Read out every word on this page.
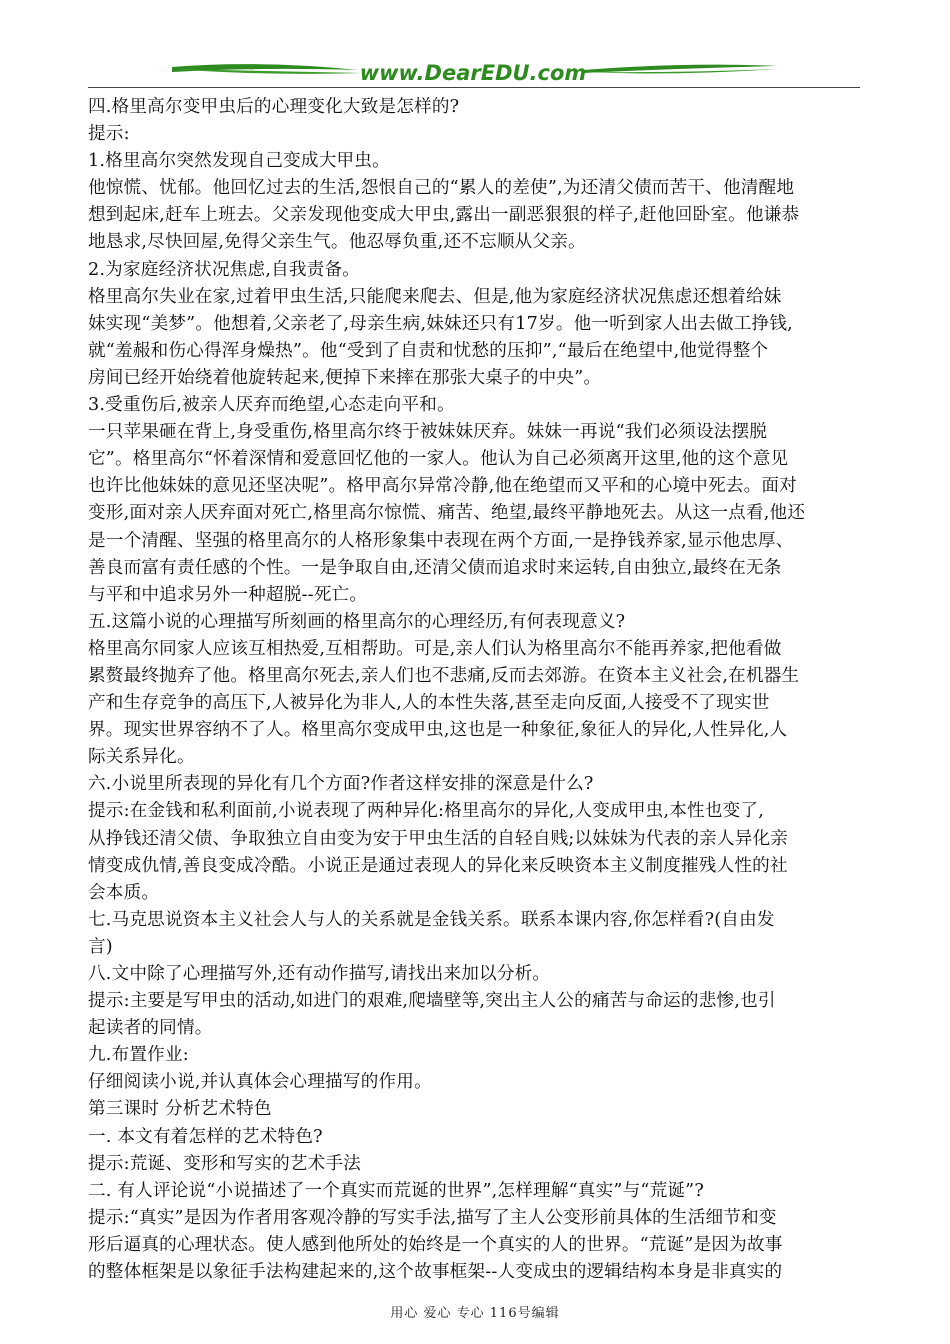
www.DearEDU.com
四.格里高尔变甲虫后的心理变化大致是怎样的?
提示:
1.格里高尔突然发现自己变成大甲虫。
他惊慌、忧郁。他回忆过去的生活,怨恨自己的“累人的差使”,为还清父债而苦干、他清醒地
想到起床,赶车上班去。父亲发现他变成大甲虫,露出一副恶狠狠的样子,赶他回卧室。他谦恭
地恳求,尽快回屋,免得父亲生气。他忍辱负重,还不忘顺从父亲。
2.为家庭经济状况焦虑,自我责备。
格里高尔失业在家,过着甲虫生活,只能爬来爬去、但是,他为家庭经济状况焦虑还想着给妹
妹实现“美梦”。他想着,父亲老了,母亲生病,妹妹还只有17岁。他一听到家人出去做工挣钱,
就“羞赧和伤心得浑身燥热”。他“受到了自责和忧愁的压抑”,“最后在绝望中,他觉得整个
房间已经开始绕着他旋转起来,便掉下来摔在那张大桌子的中央”。
3.受重伤后,被亲人厌弃而绝望,心态走向平和。
一只苹果砸在背上,身受重伤,格里高尔终于被妹妹厌弃。妹妹一再说“我们必须设法摆脱
它”。格里高尔“怀着深情和爱意回忆他的一家人。他认为自己必须离开这里,他的这个意见
也许比他妹妹的意见还坚决呢”。格甲高尔异常冷静,他在绝望而又平和的心境中死去。面对
变形,面对亲人厌弃面对死亡,格里高尔惊慌、痛苦、绝望,最终平静地死去。从这一点看,他还
是一个清醒、坚强的格里高尔的人格形象集中表现在两个方面,一是挣钱养家,显示他忠厚、
善良而富有责任感的个性。一是争取自由,还清父债而追求时来运转,自由独立,最终在无条
与平和中追求另外一种超脱--死亡。
五.这篇小说的心理描写所刻画的格里高尔的心理经历,有何表现意义?
格里高尔同家人应该互相热爱,互相帮助。可是,亲人们认为格里高尔不能再养家,把他看做
累赘最终抛弃了他。格里高尔死去,亲人们也不悲痛,反而去郊游。在资本主义社会,在机器生
产和生存竞争的高压下,人被异化为非人,人的本性失落,甚至走向反面,人接受不了现实世
界。现实世界容纳不了人。格里高尔变成甲虫,这也是一种象征,象征人的异化,人性异化,人
际关系异化。
六.小说里所表现的异化有几个方面?作者这样安排的深意是什么?
提示:在金钱和私利面前,小说表现了两种异化:格里高尔的异化,人变成甲虫,本性也变了,
从挣钱还清父债、争取独立自由变为安于甲虫生活的自轻自贱;以妹妹为代表的亲人异化亲
情变成仇情,善良变成冷酷。小说正是通过表现人的异化来反映资本主义制度摧残人性的社
会本质。
七.马克思说资本主义社会人与人的关系就是金钱关系。联系本课内容,你怎样看?(自由发
言)
八.文中除了心理描写外,还有动作描写,请找出来加以分析。
提示:主要是写甲虫的活动,如进门的艰难,爬墙壁等,突出主人公的痛苦与命运的悲惨,也引
起读者的同情。
九.布置作业:
仔细阅读小说,并认真体会心理描写的作用。
第三课时 分析艺术特色
一. 本文有着怎样的艺术特色?
提示:荒诞、变形和写实的艺术手法
二. 有人评论说“小说描述了一个真实而荒诞的世界”,怎样理解“真实”与“荒诞”?
提示:“真实”是因为作者用客观冷静的写实手法,描写了主人公变形前具体的生活细节和变
形后逼真的心理状态。使人感到他所处的始终是一个真实的人的世界。“荒诞”是因为故事
的整体框架是以象征手法构建起来的,这个故事框架--人变成虫的逻辑结构本身是非真实的
用心 爱心 专心 116号编辑
